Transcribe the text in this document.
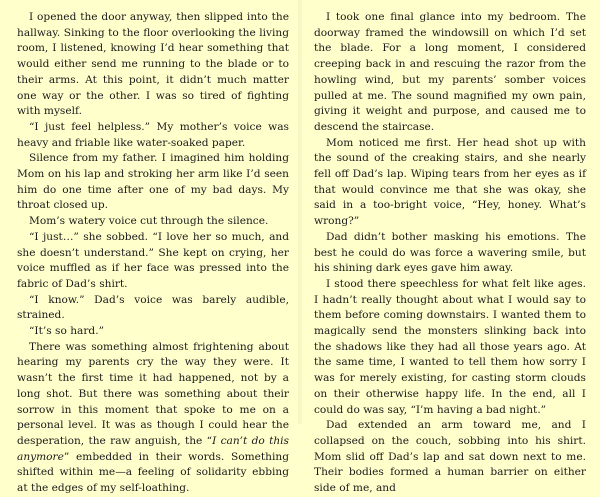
I opened the door anyway, then slipped into the hallway. Sinking to the floor overlooking the living room, I listened, knowing I’d hear something that would either send me running to the blade or to their arms. At this point, it didn’t much matter one way or the other. I was so tired of fighting with myself.

“I just feel helpless.” My mother’s voice was heavy and friable like water-soaked paper.

Silence from my father. I imagined him holding Mom on his lap and stroking her arm like I’d seen him do one time after one of my bad days. My throat closed up.

Mom’s watery voice cut through the silence.

“I just…” she sobbed. “I love her so much, and she doesn’t understand.” She kept on crying, her voice muffled as if her face was pressed into the fabric of Dad’s shirt.

“I know.” Dad’s voice was barely audible, strained.

“It’s so hard.”

There was something almost frightening about hearing my parents cry the way they were. It wasn’t the first time it had happened, not by a long shot. But there was something about their sorrow in this moment that spoke to me on a personal level. It was as though I could hear the desperation, the raw anguish, the “I can’t do this anymore” embedded in their words. Something shifted within me—a feeling of solidarity ebbing at the edges of my self-loathing.

I took one final glance into my bedroom. The doorway framed the windowsill on which I’d set the blade. For a long moment, I considered creeping back in and rescuing the razor from the howling wind, but my parents’ somber voices pulled at me. The sound magnified my own pain, giving it weight and purpose, and caused me to descend the staircase.

Mom noticed me first. Her head shot up with the sound of the creaking stairs, and she nearly fell off Dad’s lap. Wiping tears from her eyes as if that would convince me that she was okay, she said in a too-bright voice, “Hey, honey. What’s wrong?”

Dad didn’t bother masking his emotions. The best he could do was force a wavering smile, but his shining dark eyes gave him away.

I stood there speechless for what felt like ages. I hadn’t really thought about what I would say to them before coming downstairs. I wanted them to magically send the monsters slinking back into the shadows like they had all those years ago. At the same time, I wanted to tell them how sorry I was for merely existing, for casting storm clouds on their otherwise happy life. In the end, all I could do was say, “I’m having a bad night.”

Dad extended an arm toward me, and I collapsed on the couch, sobbing into his shirt. Mom slid off Dad’s lap and sat down next to me. Their bodies formed a human barrier on either side of me, and
